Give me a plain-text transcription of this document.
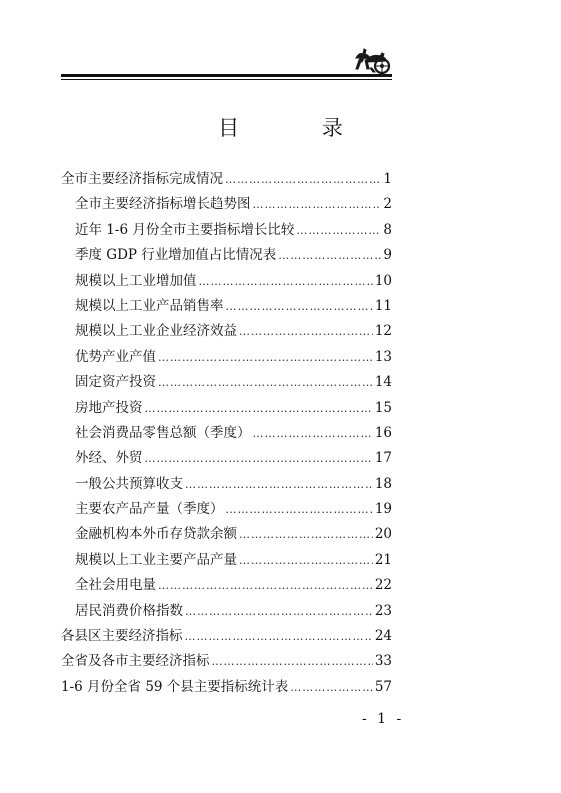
目 录
全市主要经济指标完成情况 ……………………………………………………………………………………………………………………………………	1
全市主要经济指标增长趋势图 ……………………………………………………………………………………………………………………………………	2
近年 1-6 月份全市主要指标增长比较 ……………………………………………………………………………………………………………………………………	8
季度 GDP 行业增加值占比情况表 ……………………………………………………………………………………………………………………………………	9
规模以上工业增加值 ……………………………………………………………………………………………………………………………………	10
规模以上工业产品销售率 ……………………………………………………………………………………………………………………………………	11
规模以上工业企业经济效益 ……………………………………………………………………………………………………………………………………	12
优势产业产值 ……………………………………………………………………………………………………………………………………	13
固定资产投资 ……………………………………………………………………………………………………………………………………	14
房地产投资 ……………………………………………………………………………………………………………………………………	15
社会消费品零售总额（季度） ……………………………………………………………………………………………………………………………………	16
外经、外贸 ……………………………………………………………………………………………………………………………………	17
一般公共预算收支 ……………………………………………………………………………………………………………………………………	18
主要农产品产量（季度） ……………………………………………………………………………………………………………………………………	19
金融机构本外币存贷款余额 ……………………………………………………………………………………………………………………………………	20
规模以上工业主要产品产量 ……………………………………………………………………………………………………………………………………	21
全社会用电量 ……………………………………………………………………………………………………………………………………	22
居民消费价格指数 ……………………………………………………………………………………………………………………………………	23
各县区主要经济指标 ……………………………………………………………………………………………………………………………………	24
全省及各市主要经济指标 ……………………………………………………………………………………………………………………………………	33
1-6 月份全省 59 个县主要指标统计表 ……………………………………………………………………………………………………………………………………	57
- 1 -
